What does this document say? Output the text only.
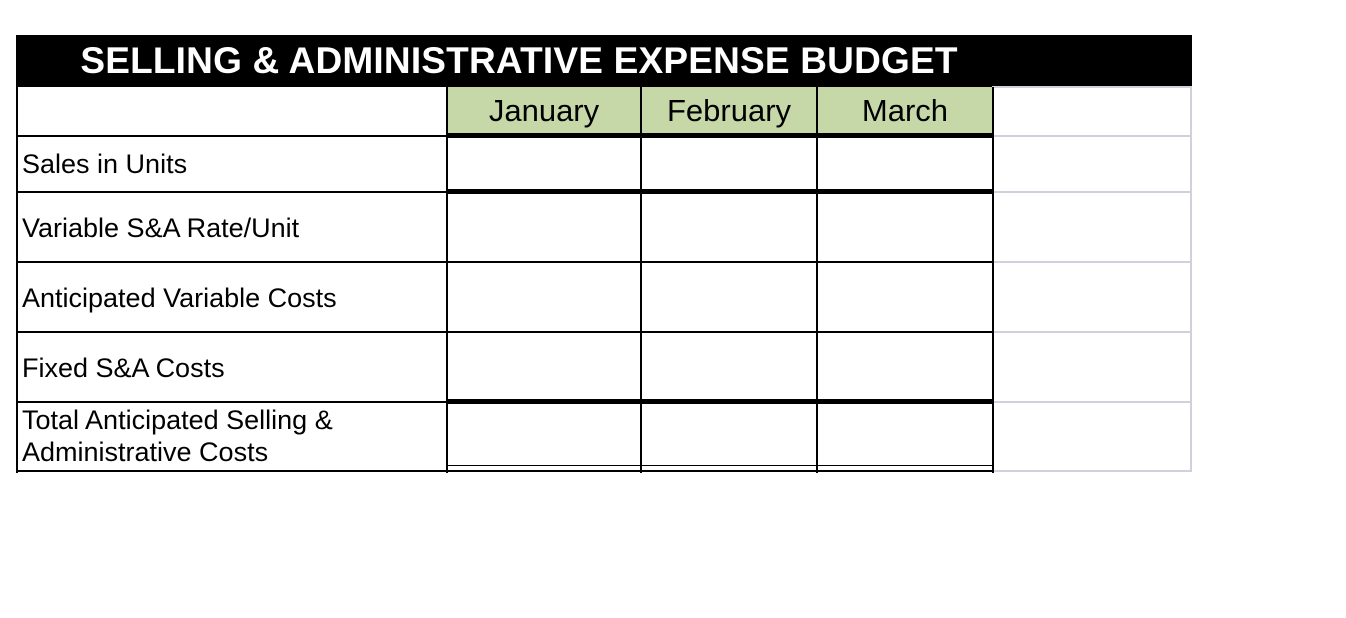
SELLING & ADMINISTRATIVE EXPENSE BUDGET
January	February	March
Sales in Units
Variable S&A Rate/Unit
Anticipated Variable Costs
Fixed S&A Costs
Total Anticipated Selling &
Administrative Costs
